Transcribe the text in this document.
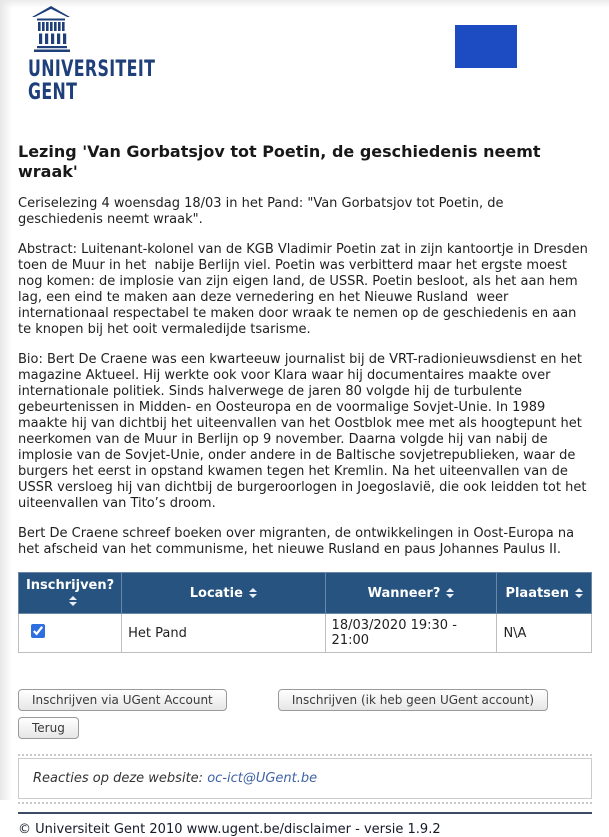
UNIVERSITEIT
GENT
Lezing 'Van Gorbatsjov tot Poetin, de geschiedenis neemt wraak'

Ceriselezing 4 woensdag 18/03 in het Pand: "Van Gorbatsjov tot Poetin, de geschiedenis neemt wraak".

Abstract: Luitenant-kolonel van de KGB Vladimir Poetin zat in zijn kantoortje in Dresden toen de Muur in het  nabije Berlijn viel. Poetin was verbitterd maar het ergste moest nog komen: de implosie van zijn eigen land, de USSR. Poetin besloot, als het aan hem lag, een eind te maken aan deze vernedering en het Nieuwe Rusland  weer internationaal respectabel te maken door wraak te nemen op de geschiedenis en aan te knopen bij het ooit vermaledijde tsarisme.

Bio: Bert De Craene was een kwarteeuw journalist bij de VRT-radionieuwsdienst en het magazine Aktueel. Hij werkte ook voor Klara waar hij documentaires maakte over internationale politiek. Sinds halverwege de jaren 80 volgde hij de turbulente gebeurtenissen in Midden- en Oosteuropa en de voormalige Sovjet-Unie. In 1989 maakte hij van dichtbij het uiteenvallen van het Oostblok mee met als hoogtepunt het neerkomen van de Muur in Berlijn op 9 november. Daarna volgde hij van nabij de implosie van de Sovjet-Unie, onder andere in de Baltische sovjetrepublieken, waar de burgers het eerst in opstand kwamen tegen het Kremlin. Na het uiteenvallen van de USSR versloeg hij van dichtbij de burgeroorlogen in Joegoslavië, die ook leidden tot het uiteenvallen van Tito’s droom.

Bert De Craene schreef boeken over migranten, de ontwikkelingen in Oost-Europa na het afscheid van het communisme, het nieuwe Rusland en paus Johannes Paulus II.

Inschrijven?	Locatie	Wanneer?	Plaatsen

	Het Pand	18/03/2020 19:30 - 21:00	N\A
Inschrijven via UGent Account	Inschrijven (ik heb geen UGent account)
Terug
Reacties op deze website: oc-ict@UGent.be
© Universiteit Gent 2010 www.ugent.be/disclaimer - versie 1.9.2
